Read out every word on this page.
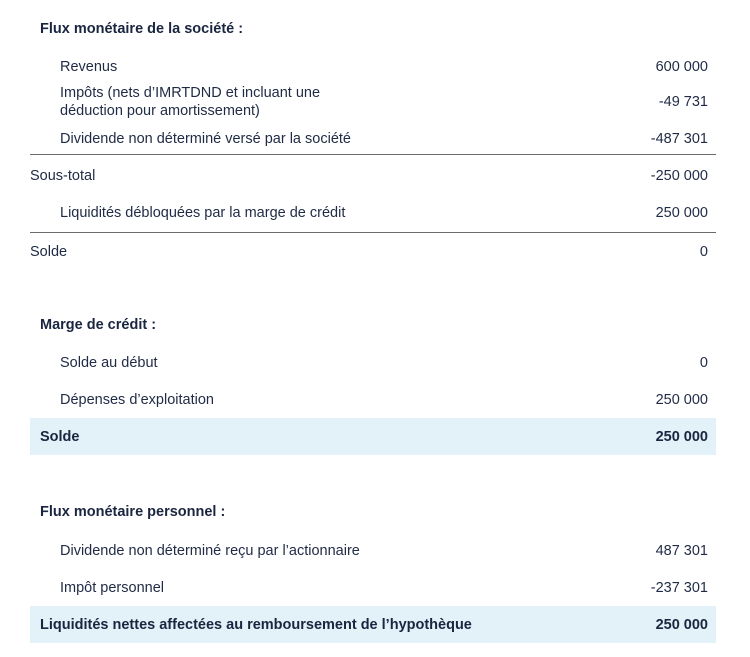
Flux monétaire de la société :
Revenus	600 000
Impôts (nets d’IMRTDND et incluant une
déduction pour amortissement)
-49 731
Dividende non déterminé versé par la société	-487 301
Sous-total	-250 000
Liquidités débloquées par la marge de crédit	250 000
Solde	0
Marge de crédit :
Solde au début	0
Dépenses d’exploitation	250 000
Solde	250 000
Flux monétaire personnel :
Dividende non déterminé reçu par l’actionnaire	487 301
Impôt personnel	-237 301
Liquidités nettes affectées au remboursement de l’hypothèque	250 000
